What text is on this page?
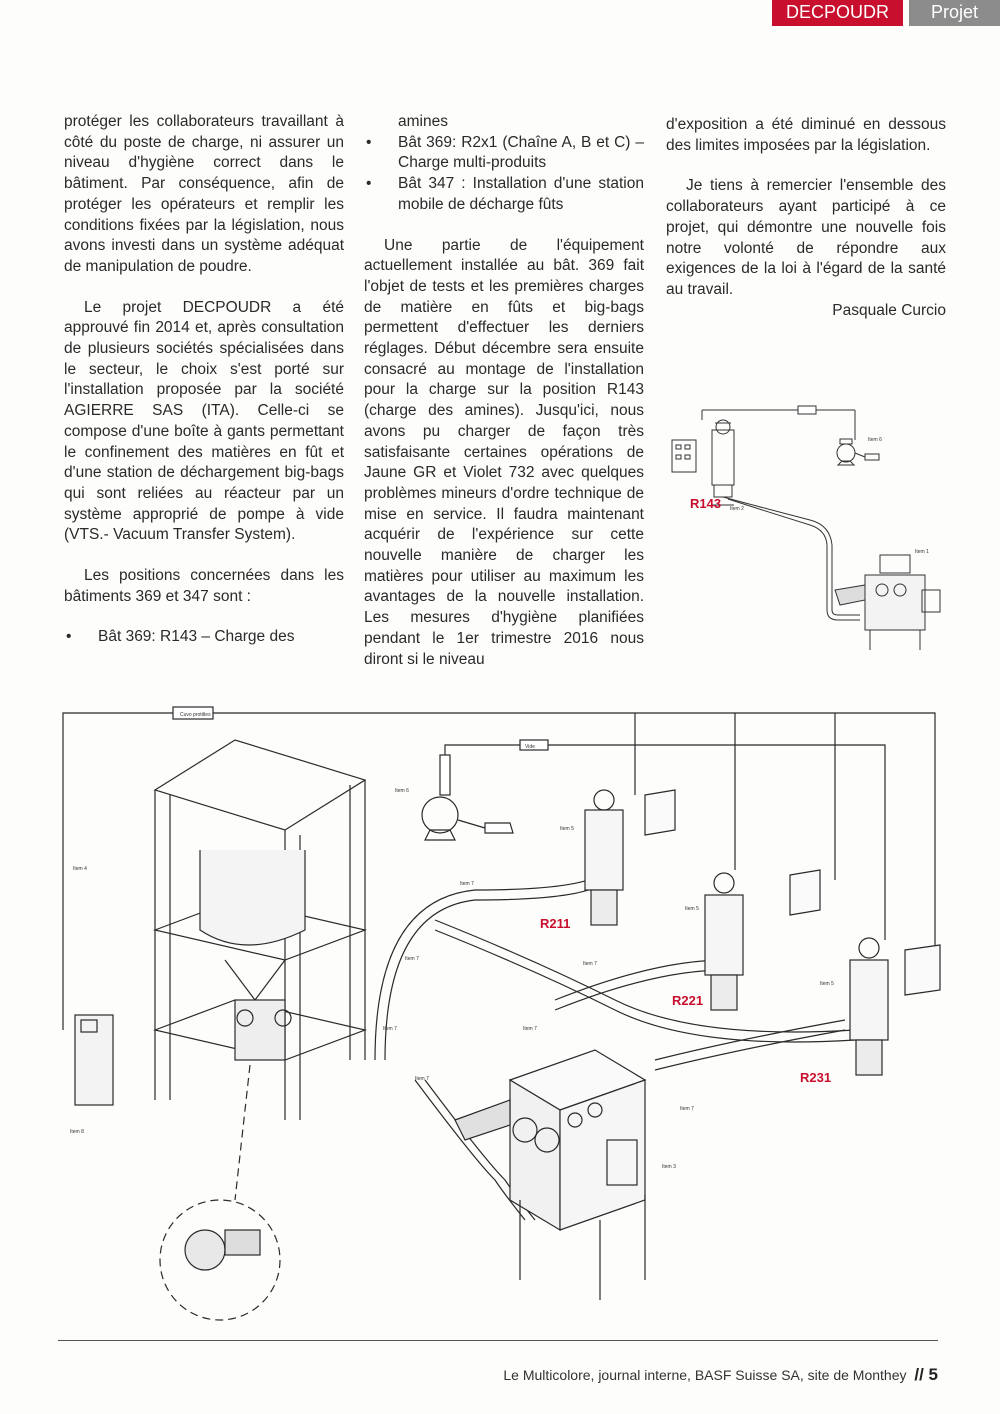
DECPOUDR	Projet

protéger les collaborateurs travaillant à côté du poste de charge, ni assurer un niveau d'hygiène correct dans le bâtiment. Par conséquence, afin de protéger les opérateurs et remplir les conditions fixées par la législation, nous avons investi dans un système adéquat de manipulation de poudre.

Le projet DECPOUDR a été approuvé fin 2014 et, après consultation de plusieurs sociétés spécialisées dans le secteur, le choix s'est porté sur l'installation proposée par la société AGIERRE SAS (ITA). Celle-ci se compose d'une boîte à gants permettant le confinement des matières en fût et d'une station de déchargement big-bags qui sont reliées au réacteur par un système approprié de pompe à vide (VTS.- Vacuum Transfer System).

Les positions concernées dans les bâtiments 369 et 347 sont :

• Bât 369: R143 – Charge des

amines

• Bât 369: R2x1 (Chaîne A, B et C) – Charge multi-produits
• Bât 347 : Installation d'une station mobile de décharge fûts

Une partie de l'équipement actuellement installée au bât. 369 fait l'objet de tests et les premières charges de matière en fûts et big-bags permettent d'effectuer les derniers réglages. Début décembre sera ensuite consacré au montage de l'installation pour la charge sur la position R143 (charge des amines). Jusqu'ici, nous avons pu charger de façon très satisfaisante certaines opérations de Jaune GR et Violet 732 avec quelques problèmes mineurs d'ordre technique de mise en service. Il faudra maintenant acquérir de l'expérience sur cette nouvelle manière de charger les matières pour utiliser au maximum les avantages de la nouvelle installation. Les mesures d'hygiène planifiées pendant le 1er trimestre 2016 nous diront si le niveau

d'exposition a été diminué en dessous des limites imposées par la législation.

Je tiens à remercier l'ensemble des collaborateurs ayant participé à ce projet, qui démontre une nouvelle fois notre volonté de répondre aux exigences de la loi à l'égard de la santé au travail.

Pasquale Curcio

Item 6
Item 1
Item 2
R143
Cuvo protitles
Vide
Item 4
Item 6
Item 7
Item 7
Item 5
Item 5
Item 5
Item 7
Item 7
Item 7
Item 7
Item 7
Item 3
Item 8
R211
R221
R231
Le Multicolore, journal interne, BASF Suisse SA, site de Monthey // 5
